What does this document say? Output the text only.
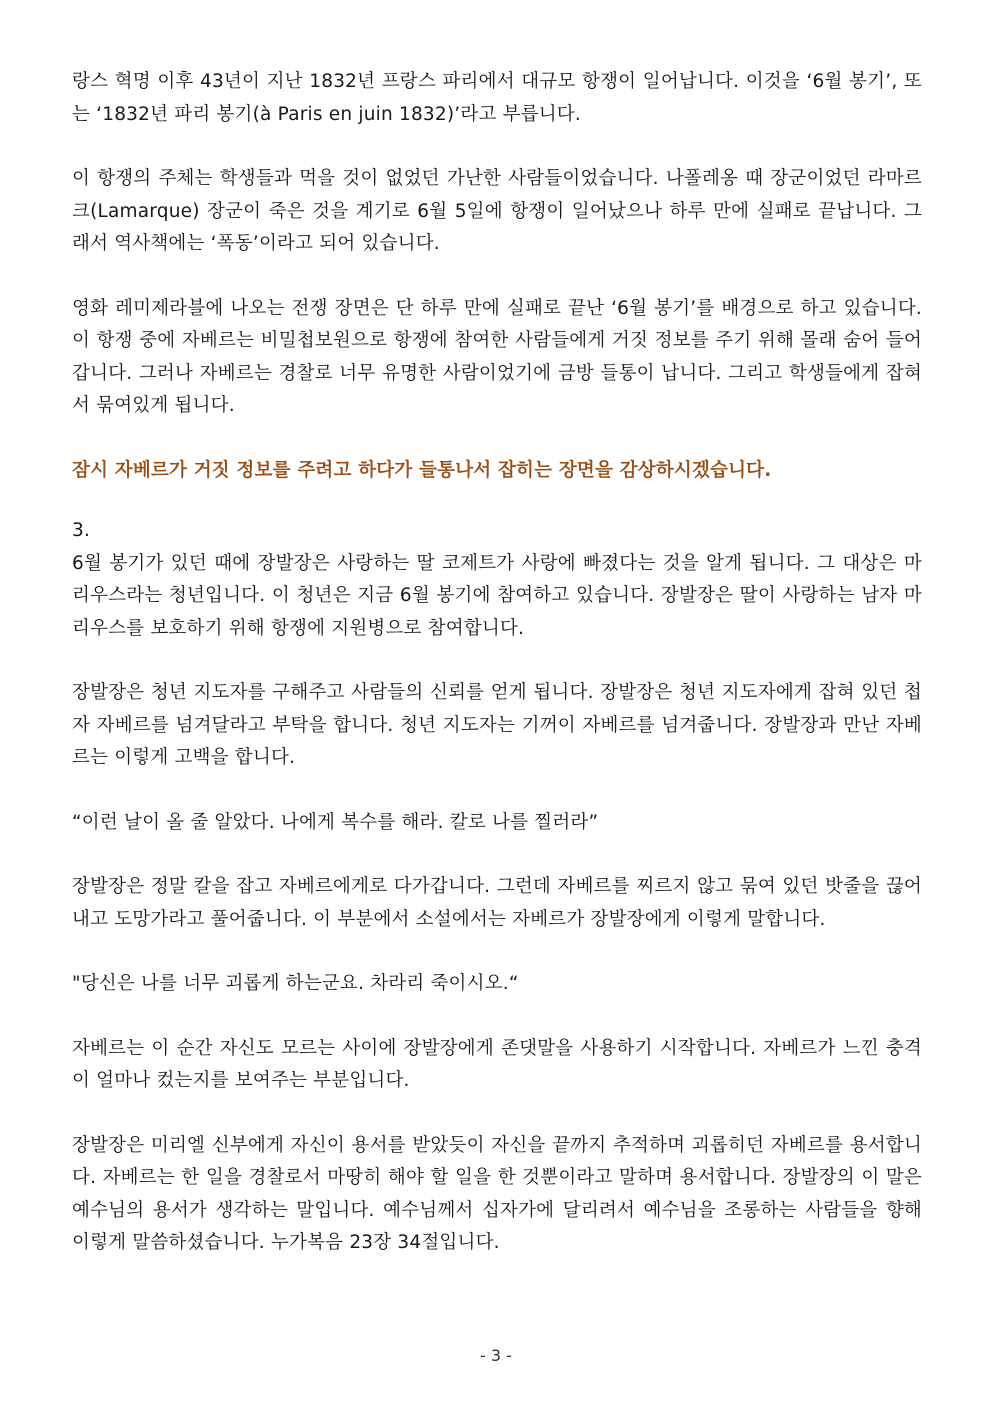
랑스 혁명 이후 43년이 지난 1832년 프랑스 파리에서 대규모 항쟁이 일어납니다. 이것을 ‘6월 봉기’, 또는 ‘1832년 파리 봉기(à Paris en juin 1832)’라고 부릅니다.

이 항쟁의 주체는 학생들과 먹을 것이 없었던 가난한 사람들이었습니다. 나폴레옹 때 장군이었던 라마르크(Lamarque) 장군이 죽은 것을 계기로 6월 5일에 항쟁이 일어났으나 하루 만에 실패로 끝납니다. 그래서 역사책에는 ‘폭동’이라고 되어 있습니다.

영화 레미제라블에 나오는 전쟁 장면은 단 하루 만에 실패로 끝난 ‘6월 봉기’를 배경으로 하고 있습니다. 이 항쟁 중에 자베르는 비밀첩보원으로 항쟁에 참여한 사람들에게 거짓 정보를 주기 위해 몰래 숨어 들어갑니다. 그러나 자베르는 경찰로 너무 유명한 사람이었기에 금방 들통이 납니다. 그리고 학생들에게 잡혀서 묶여있게 됩니다.

잠시 자베르가 거짓 정보를 주려고 하다가 들통나서 잡히는 장면을 감상하시겠습니다.

3.

6월 봉기가 있던 때에 장발장은 사랑하는 딸 코제트가 사랑에 빠졌다는 것을 알게 됩니다. 그 대상은 마리우스라는 청년입니다. 이 청년은 지금 6월 봉기에 참여하고 있습니다. 장발장은 딸이 사랑하는 남자 마리우스를 보호하기 위해 항쟁에 지원병으로 참여합니다.

장발장은 청년 지도자를 구해주고 사람들의 신뢰를 얻게 됩니다. 장발장은 청년 지도자에게 잡혀 있던 첩자 자베르를 넘겨달라고 부탁을 합니다. 청년 지도자는 기꺼이 자베르를 넘겨줍니다. 장발장과 만난 자베르는 이렇게 고백을 합니다.

“이런 날이 올 줄 알았다. 나에게 복수를 해라. 칼로 나를 찔러라”

장발장은 정말 칼을 잡고 자베르에게로 다가갑니다. 그런데 자베르를 찌르지 않고 묶여 있던 밧줄을 끊어내고 도망가라고 풀어줍니다. 이 부분에서 소설에서는 자베르가 장발장에게 이렇게 말합니다.

"당신은 나를 너무 괴롭게 하는군요. 차라리 죽이시오.“

자베르는 이 순간 자신도 모르는 사이에 장발장에게 존댓말을 사용하기 시작합니다. 자베르가 느낀 충격이 얼마나 컸는지를 보여주는 부분입니다.

장발장은 미리엘 신부에게 자신이 용서를 받았듯이 자신을 끝까지 추적하며 괴롭히던 자베르를 용서합니다. 자베르는 한 일을 경찰로서 마땅히 해야 할 일을 한 것뿐이라고 말하며 용서합니다. 장발장의 이 말은 예수님의 용서가 생각하는 말입니다. 예수님께서 십자가에 달리려서 예수님을 조롱하는 사람들을 향해 이렇게 말씀하셨습니다. 누가복음 23장 34절입니다.

- 3 -
